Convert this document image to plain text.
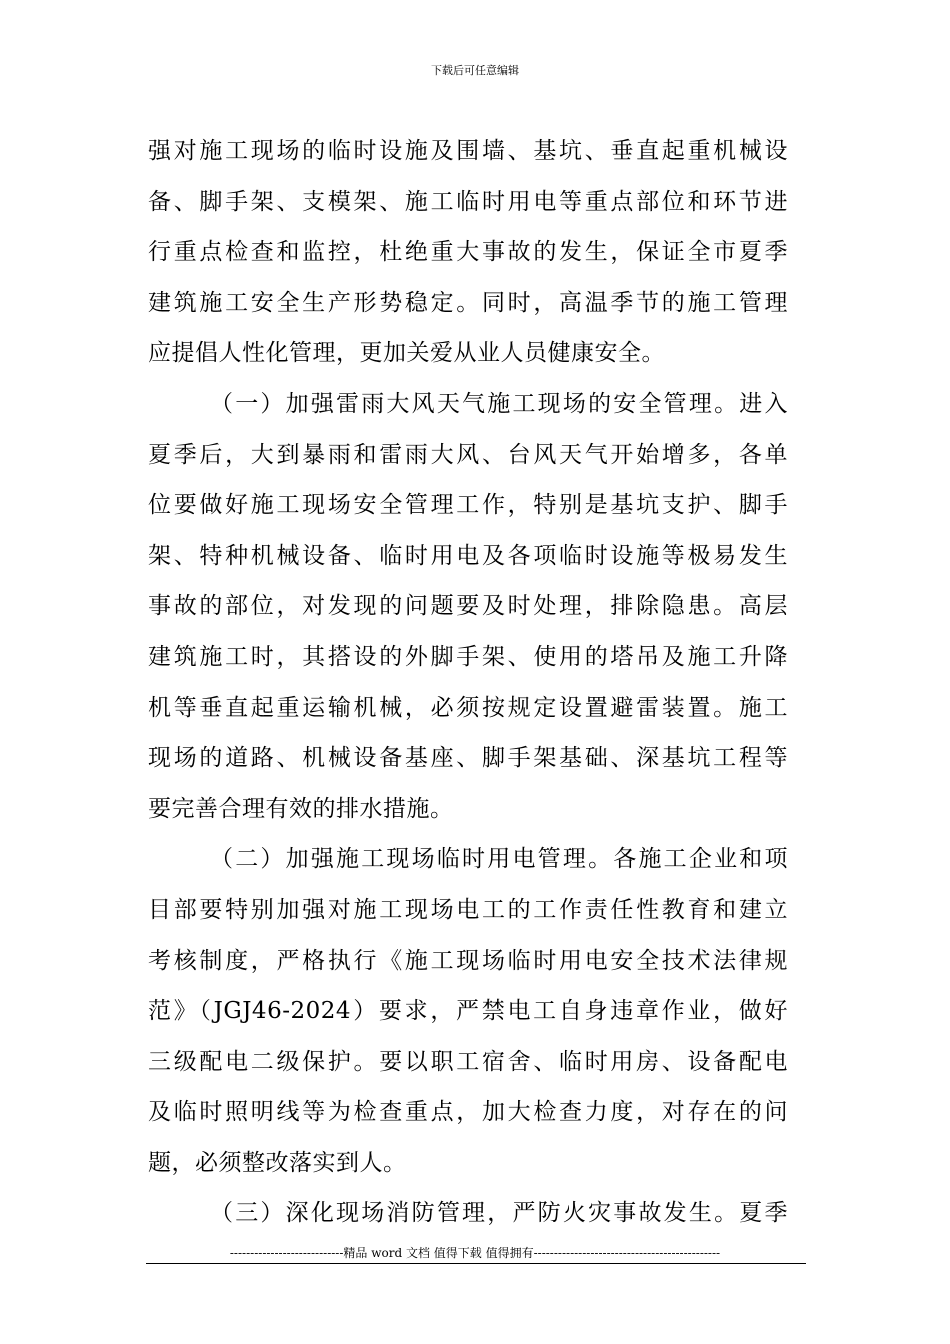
下载后可任意编辑
强对施工现场的临时设施及围墙、基坑、垂直起重机械设
备、脚手架、支模架、施工临时用电等重点部位和环节进
行重点检查和监控，杜绝重大事故的发生，保证全市夏季
建筑施工安全生产形势稳定。同时，高温季节的施工管理
应提倡人性化管理，更加关爱从业人员健康安全。
（一）加强雷雨大风天气施工现场的安全管理。进入
夏季后，大到暴雨和雷雨大风、台风天气开始增多，各单
位要做好施工现场安全管理工作，特别是基坑支护、脚手
架、特种机械设备、临时用电及各项临时设施等极易发生
事故的部位，对发现的问题要及时处理，排除隐患。高层
建筑施工时，其搭设的外脚手架、使用的塔吊及施工升降
机等垂直起重运输机械，必须按规定设置避雷装置。施工
现场的道路、机械设备基座、脚手架基础、深基坑工程等
要完善合理有效的排水措施。
（二）加强施工现场临时用电管理。各施工企业和项
目部要特别加强对施工现场电工的工作责任性教育和建立
考核制度，严格执行《施工现场临时用电安全技术法律规
范》（JGJ46-2024）要求，严禁电工自身违章作业，做好
三级配电二级保护。要以职工宿舍、临时用房、设备配电
及临时照明线等为检查重点，加大检查力度，对存在的问
题，必须整改落实到人。
（三）深化现场消防管理，严防火灾事故发生。夏季
----------------------------精品 word 文档 值得下载 值得拥有----------------------------------------------
